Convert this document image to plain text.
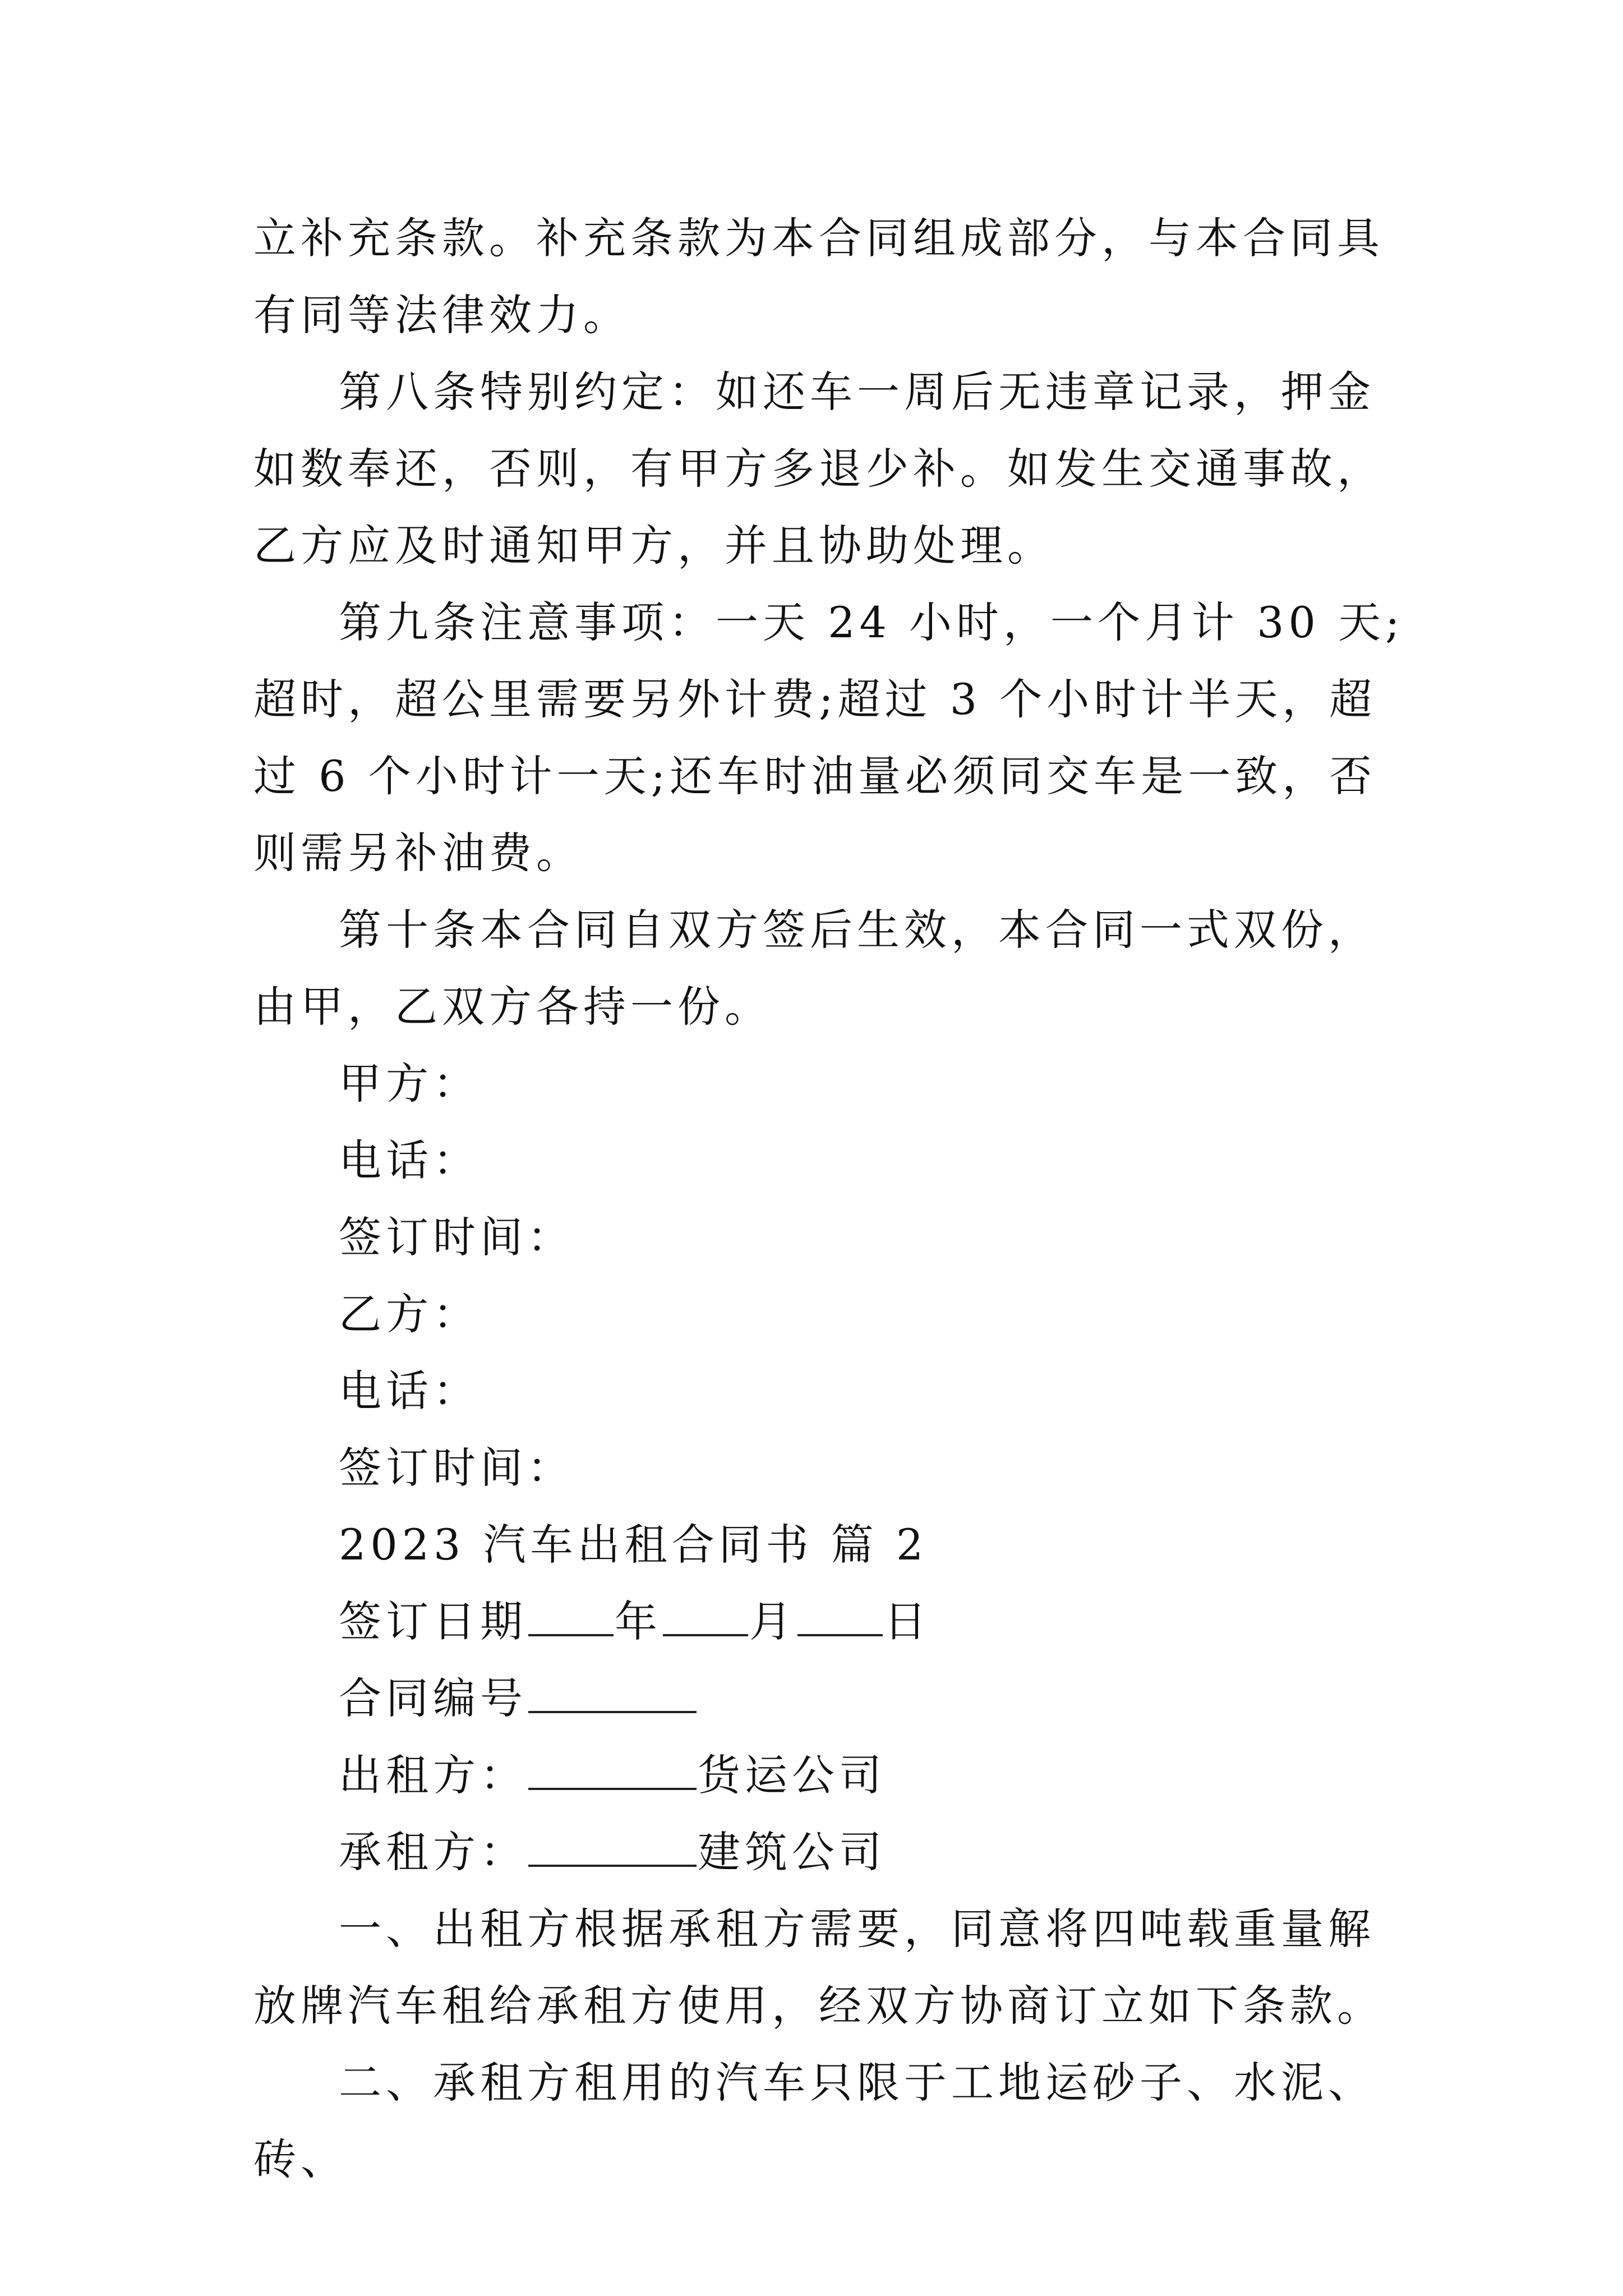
立补充条款。补充条款为本合同组成部分，与本合同具有同等法律效力。

第八条特别约定：如还车一周后无违章记录，押金如数奉还，否则，有甲方多退少补。如发生交通事故，乙方应及时通知甲方，并且协助处理。

第九条注意事项：一天 24 小时，一个月计 30 天;超时，超公里需要另外计费;超过 3 个小时计半天，超过 6 个小时计一天;还车时油量必须同交车是一致，否则需另补油费。

第十条本合同自双方签后生效，本合同一式双份，由甲，乙双方各持一份。

甲方：

电话：

签订时间：

乙方：

电话：

签订时间：

2023 汽车出租合同书 篇 2

签订日期 年 月 日

合同编号

出租方：	货运公司

承租方：	建筑公司

一、出租方根据承租方需要，同意将四吨载重量解放牌汽车租给承租方使用，经双方协商订立如下条款。

二、承租方租用的汽车只限于工地运砂子、水泥、砖、
